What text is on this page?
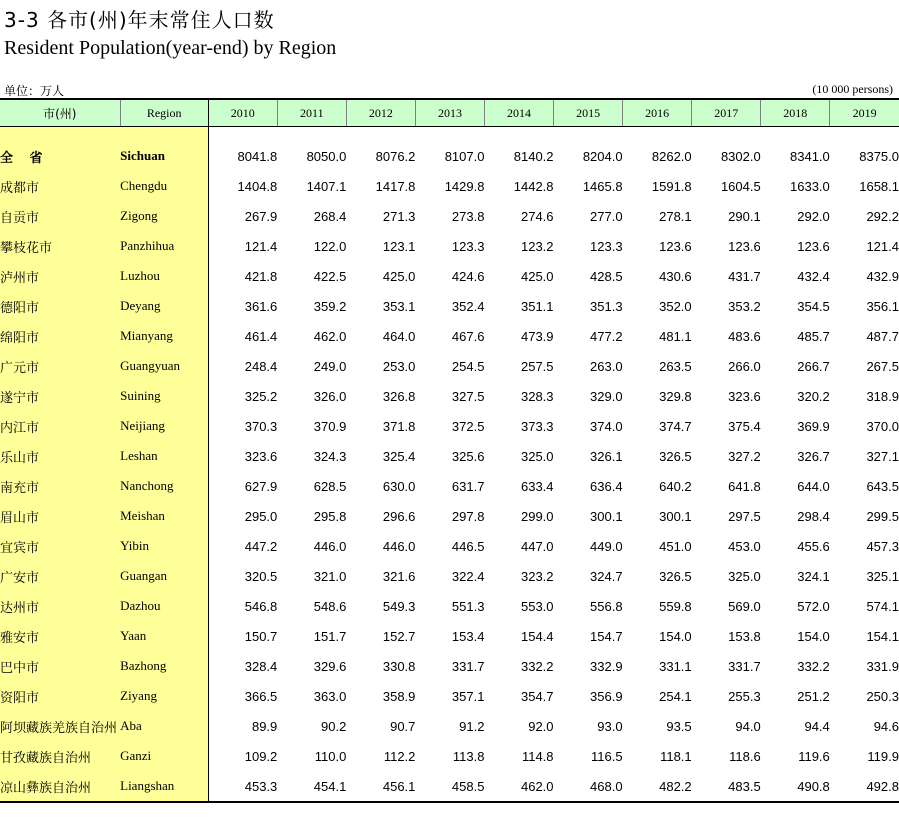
3-3 各市(州)年末常住人口数
Resident Population(year-end) by Region
单位：万人	(10 000 persons)
市(州)	Region	2010	2011	2012	2013	2014	2015	2016	2017	2018	2019

全 省	Sichuan	8041.8	8050.0	8076.2	8107.0	8140.2	8204.0	8262.0	8302.0	8341.0	8375.0
成都市	Chengdu	1404.8	1407.1	1417.8	1429.8	1442.8	1465.8	1591.8	1604.5	1633.0	1658.1
自贡市	Zigong	267.9	268.4	271.3	273.8	274.6	277.0	278.1	290.1	292.0	292.2
攀枝花市	Panzhihua	121.4	122.0	123.1	123.3	123.2	123.3	123.6	123.6	123.6	121.4
泸州市	Luzhou	421.8	422.5	425.0	424.6	425.0	428.5	430.6	431.7	432.4	432.9
德阳市	Deyang	361.6	359.2	353.1	352.4	351.1	351.3	352.0	353.2	354.5	356.1
绵阳市	Mianyang	461.4	462.0	464.0	467.6	473.9	477.2	481.1	483.6	485.7	487.7
广元市	Guangyuan	248.4	249.0	253.0	254.5	257.5	263.0	263.5	266.0	266.7	267.5
遂宁市	Suining	325.2	326.0	326.8	327.5	328.3	329.0	329.8	323.6	320.2	318.9
内江市	Neijiang	370.3	370.9	371.8	372.5	373.3	374.0	374.7	375.4	369.9	370.0
乐山市	Leshan	323.6	324.3	325.4	325.6	325.0	326.1	326.5	327.2	326.7	327.1
南充市	Nanchong	627.9	628.5	630.0	631.7	633.4	636.4	640.2	641.8	644.0	643.5
眉山市	Meishan	295.0	295.8	296.6	297.8	299.0	300.1	300.1	297.5	298.4	299.5
宜宾市	Yibin	447.2	446.0	446.0	446.5	447.0	449.0	451.0	453.0	455.6	457.3
广安市	Guangan	320.5	321.0	321.6	322.4	323.2	324.7	326.5	325.0	324.1	325.1
达州市	Dazhou	546.8	548.6	549.3	551.3	553.0	556.8	559.8	569.0	572.0	574.1
雅安市	Yaan	150.7	151.7	152.7	153.4	154.4	154.7	154.0	153.8	154.0	154.1
巴中市	Bazhong	328.4	329.6	330.8	331.7	332.2	332.9	331.1	331.7	332.2	331.9
资阳市	Ziyang	366.5	363.0	358.9	357.1	354.7	356.9	254.1	255.3	251.2	250.3
阿坝藏族羌族自治州	Aba	89.9	90.2	90.7	91.2	92.0	93.0	93.5	94.0	94.4	94.6
甘孜藏族自治州	Ganzi	109.2	110.0	112.2	113.8	114.8	116.5	118.1	118.6	119.6	119.9
凉山彝族自治州	Liangshan	453.3	454.1	456.1	458.5	462.0	468.0	482.2	483.5	490.8	492.8
